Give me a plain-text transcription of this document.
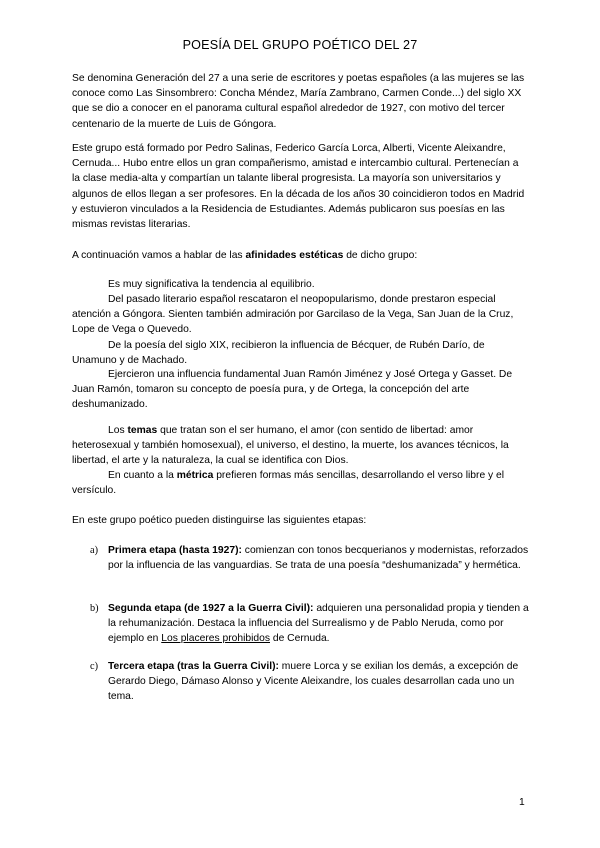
POESÍA DEL GRUPO POÉTICO DEL 27

Se denomina Generación del 27 a una serie de escritores y poetas españoles (a las mujeres se las conoce como Las Sinsombrero: Concha Méndez, María Zambrano, Carmen Conde...) del siglo XX que se dio a conocer en el panorama cultural español alrededor de 1927, con motivo del tercer centenario de la muerte de Luis de Góngora.

Este grupo está formado por Pedro Salinas, Federico García Lorca, Alberti, Vicente Aleixandre, Cernuda... Hubo entre ellos un gran compañerismo, amistad e intercambio cultural. Pertenecían a la clase media-alta y compartían un talante liberal progresista. La mayoría son universitarios y algunos de ellos llegan a ser profesores. En la década de los años 30 coincidieron todos en Madrid y estuvieron vinculados a la Residencia de Estudiantes. Además publicaron sus poesías en las mismas revistas literarias.

A continuación vamos a hablar de las afinidades estéticas de dicho grupo:

Es muy significativa la tendencia al equilibrio.

Del pasado literario español rescataron el neopopularismo, donde prestaron especial atención a Góngora. Sienten también admiración por Garcilaso de la Vega, San Juan de la Cruz, Lope de Vega o Quevedo.

De la poesía del siglo XIX, recibieron la influencia de Bécquer, de Rubén Darío, de Unamuno y de Machado.

Ejercieron una influencia fundamental Juan Ramón Jiménez y José Ortega y Gasset. De Juan Ramón, tomaron su concepto de poesía pura, y de Ortega, la concepción del arte deshumanizado.

Los temas que tratan son el ser humano, el amor (con sentido de libertad: amor heterosexual y también homosexual), el universo, el destino, la muerte, los avances técnicos, la libertad, el arte y la naturaleza, la cual se identifica con Dios.

En cuanto a la métrica prefieren formas más sencillas, desarrollando el verso libre y el versículo.

En este grupo poético pueden distinguirse las siguientes etapas:

a) Primera etapa (hasta 1927): comienzan con tonos becquerianos y modernistas, reforzados por la influencia de las vanguardias. Se trata de una poesía “deshumanizada” y hermética.
b) Segunda etapa (de 1927 a la Guerra Civil): adquieren una personalidad propia y tienden a la rehumanización. Destaca la influencia del Surrealismo y de Pablo Neruda, como por ejemplo en Los placeres prohibidos de Cernuda.
c) Tercera etapa (tras la Guerra Civil): muere Lorca y se exilian los demás, a excepción de Gerardo Diego, Dámaso Alonso y Vicente Aleixandre, los cuales desarrollan cada uno un tema.
1
